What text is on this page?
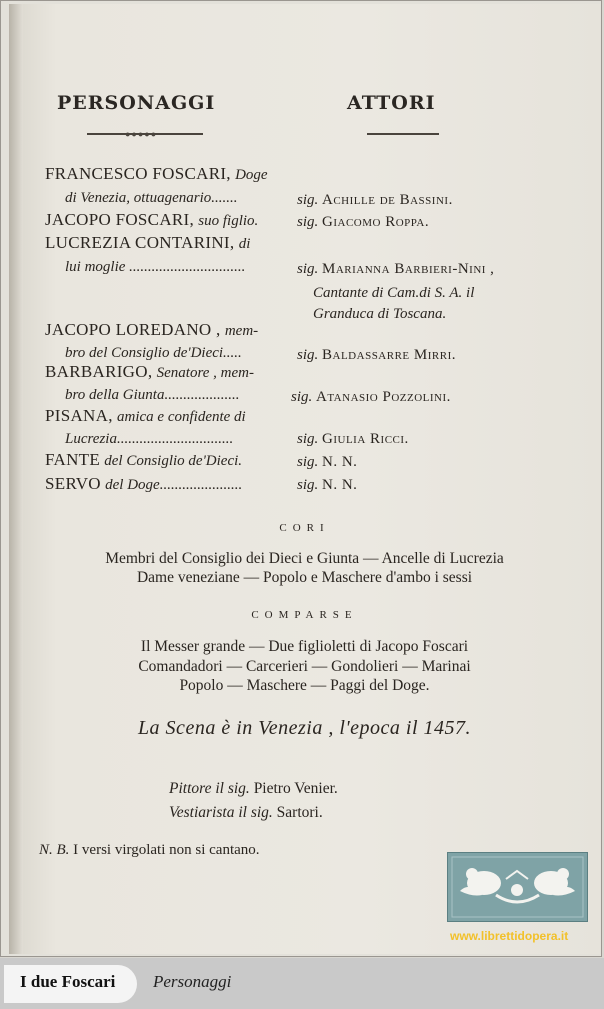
PERSONAGGI	ATTORI
●●●●●
FRANCESCO FOSCARI, Doge
di Venezia, ottuagenario.......	sig. Achille de Bassini.
JACOPO FOSCARI, suo figlio.	sig. Giacomo Roppa.
LUCREZIA CONTARINI, di
lui moglie ...............................	sig. Marianna Barbieri-Nini ,
Cantante di Cam.di S. A. il
Granduca di Toscana.
JACOPO LOREDANO , mem-
bro del Consiglio de'Dieci.....	sig. Baldassarre Mirri.
BARBARIGO, Senatore , mem-
bro della Giunta....................	sig. Atanasio Pozzolini.
PISANA, amica e confidente di
Lucrezia...............................	sig. Giulia Ricci.
FANTE del Consiglio de'Dieci.	sig. N. N.
SERVO del Doge......................	sig. N. N.
CORI
Membri del Consiglio dei Dieci e Giunta — Ancelle di Lucrezia
Dame veneziane — Popolo e Maschere d'ambo i sessi
COMPARSE
Il Messer grande — Due figlioletti di Jacopo Foscari
Comandadori — Carcerieri — Gondolieri — Marinai
Popolo — Maschere — Paggi del Doge.
La Scena è in Venezia , l'epoca il 1457.
Pittore il sig. Pietro Venier.
Vestiarista il sig. Sartori.
N. B. I versi virgolati non si cantano.
www.librettidopera.it
I due Foscari Personaggi
